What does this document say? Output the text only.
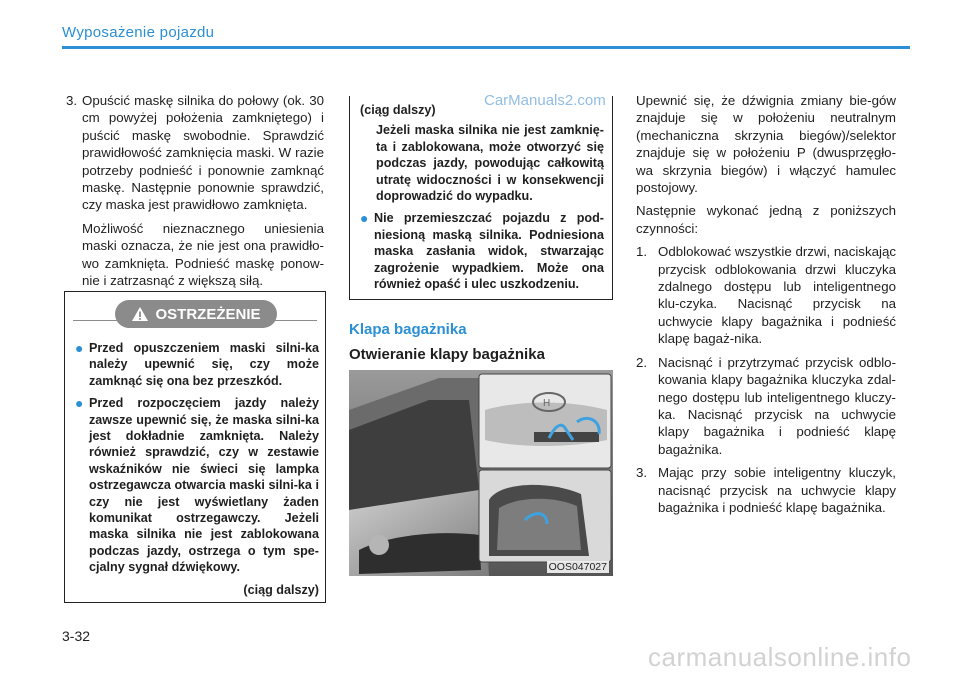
Wyposażenie pojazdu
3. Opuścić maskę silnika do połowy (ok. 30 cm powyżej położenia zamkniętego) i puścić maskę swobodnie. Sprawdzić prawidłowość zamknięcia maski. W razie potrzeby podnieść i ponownie zamknąć maskę. Następnie ponownie sprawdzić, czy maska jest prawidłowo zamknięta.

Możliwość nieznacznego uniesienia maski oznacza, że nie jest ona prawidło-wo zamknięta. Podnieść maskę ponow-nie i zatrzasnąć z większą siłą.

OSTRZEŻENIE
● Przed opuszczeniem maski silni-ka należy upewnić się, czy może zamknąć się ona bez przeszkód.
● Przed rozpoczęciem jazdy należy zawsze upewnić się, że maska silni-ka jest dokładnie zamknięta. Należy również sprawdzić, czy w zestawie wskaźników nie świeci się lampka ostrzegawcza otwarcia maski silni-ka i czy nie jest wyświetlany żaden komunikat ostrzegawczy. Jeżeli maska silnika nie jest zablokowana podczas jazdy, ostrzega o tym spe-cjalny sygnał dźwiękowy.
(ciąg dalszy)
(ciąg dalszy)
Jeżeli maska silnika nie jest zamknię-ta i zablokowana, może otworzyć się podczas jazdy, powodując całkowitą utratę widoczności i w konsekwencji doprowadzić do wypadku.
● Nie przemieszczać pojazdu z pod-niesioną maską silnika. Podniesiona maska zasłania widok, stwarzając zagrożenie wypadkiem. Może ona również opaść i ulec uszkodzeniu.
CarManuals2.com
Klapa bagażnika
Otwieranie klapy bagażnika
H
OOS047027

Upewnić się, że dźwignia zmiany bie-gów znajduje się w położeniu neutralnym (mechaniczna skrzynia biegów)/selektor znajduje się w położeniu P (dwusprzęgło-wa skrzynia biegów) i włączyć hamulec postojowy.

Następnie wykonać jedną z poniższych czynności:

1. Odblokować wszystkie drzwi, naciskając przycisk odblokowania drzwi kluczyka zdalnego dostępu lub inteligentnego klu-czyka. Nacisnąć przycisk na uchwycie klapy bagażnika i podnieść klapę bagaż-nika.
2. Nacisnąć i przytrzymać przycisk odblo-kowania klapy bagażnika kluczyka zdal-nego dostępu lub inteligentnego kluczy-ka. Nacisnąć przycisk na uchwycie klapy bagażnika i podnieść klapę bagażnika.
3. Mając przy sobie inteligentny kluczyk, nacisnąć przycisk na uchwycie klapy bagażnika i podnieść klapę bagażnika.
3-32
carmanualsonline.info
